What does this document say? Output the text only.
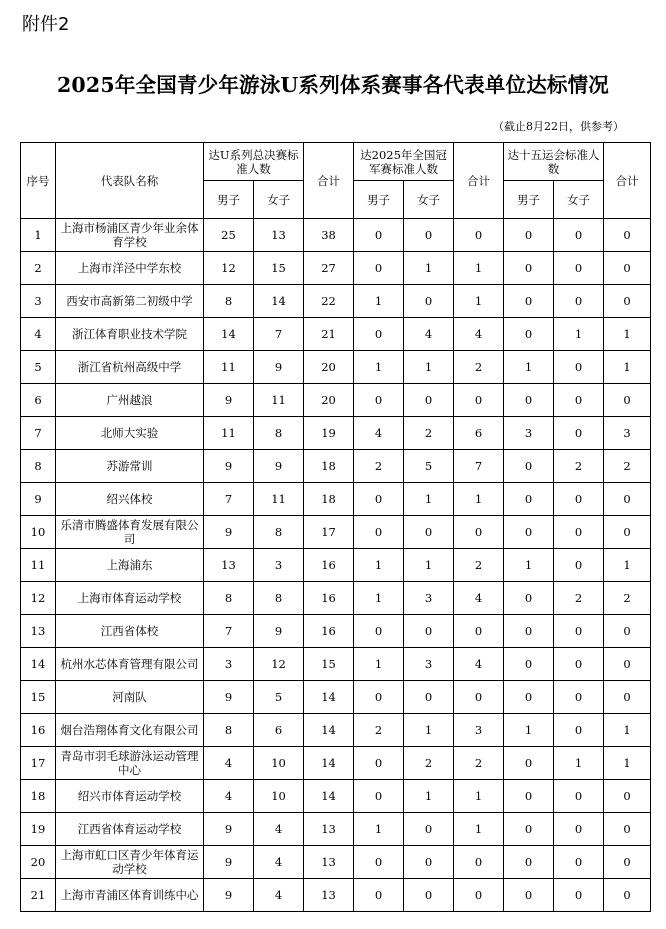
附件2
2025年全国青少年游泳U系列体系赛事各代表单位达标情况
（截止8月22日，供参考）
序号	代表队名称	达U系列总决赛标准人数		合计	达2025年全国冠军赛标准人数		合计	达十五运会标准人数		合计
		男子	女子		男子	女子		男子	女子	
1	上海市杨浦区青少年业余体育学校	25	13	38	0	0	0	0	0	0
2	上海市洋泾中学东校	12	15	27	0	1	1	0	0	0
3	西安市高新第二初级中学	8	14	22	1	0	1	0	0	0
4	浙江体育职业技术学院	14	7	21	0	4	4	0	1	1
5	浙江省杭州高级中学	11	9	20	1	1	2	1	0	1
6	广州越浪	9	11	20	0	0	0	0	0	0
7	北师大实验	11	8	19	4	2	6	3	0	3
8	苏游常训	9	9	18	2	5	7	0	2	2
9	绍兴体校	7	11	18	0	1	1	0	0	0
10	乐清市腾盛体育发展有限公司	9	8	17	0	0	0	0	0	0
11	上海浦东	13	3	16	1	1	2	1	0	1
12	上海市体育运动学校	8	8	16	1	3	4	0	2	2
13	江西省体校	7	9	16	0	0	0	0	0	0
14	杭州水芯体育管理有限公司	3	12	15	1	3	4	0	0	0
15	河南队	9	5	14	0	0	0	0	0	0
16	烟台浩翔体育文化有限公司	8	6	14	2	1	3	1	0	1
17	青岛市羽毛球游泳运动管理中心	4	10	14	0	2	2	0	1	1
18	绍兴市体育运动学校	4	10	14	0	1	1	0	0	0
19	江西省体育运动学校	9	4	13	1	0	1	0	0	0
20	上海市虹口区青少年体育运动学校	9	4	13	0	0	0	0	0	0
21	上海市青浦区体育训练中心	9	4	13	0	0	0	0	0	0
